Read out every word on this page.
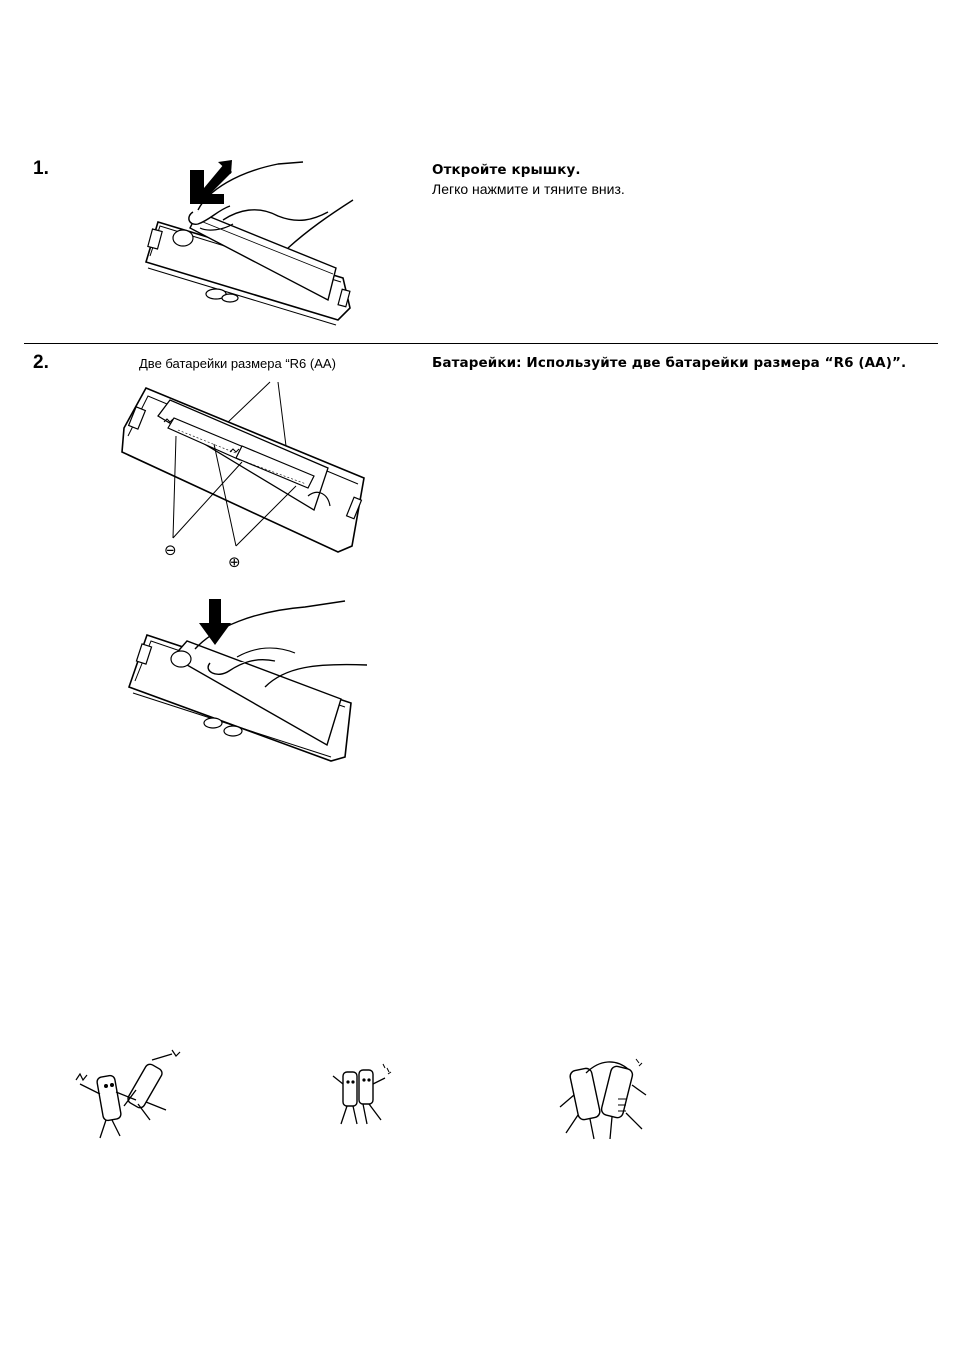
1.	Откройте крышку.
Легко нажмите и тяните вниз.
2.	Две батарейки размера “R6 (AA)	Батарейки: Используйте две батарейки размера “R6 (AA)”.
⊖
⊕
